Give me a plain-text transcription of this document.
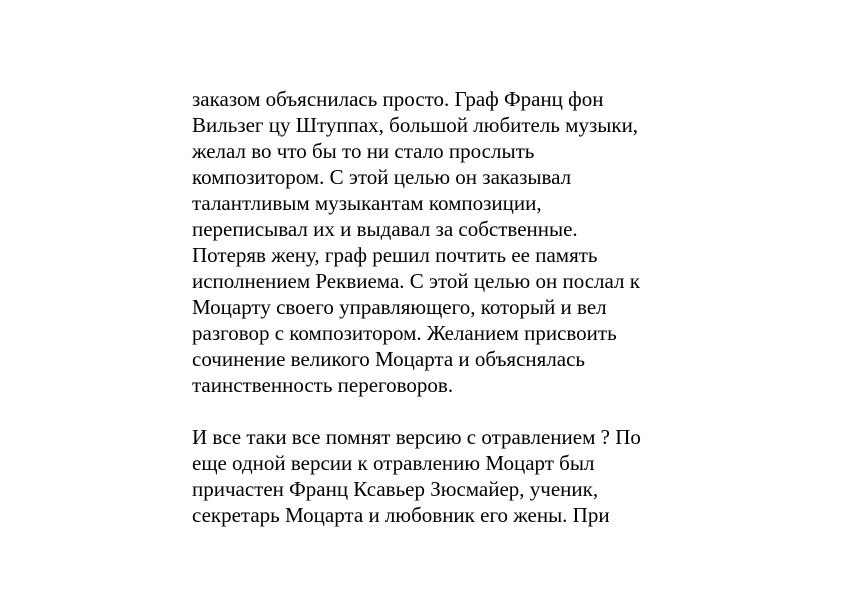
заказом объяснилась просто. Граф Франц фон
Вильзег цу Штуппах, большой любитель музыки,
желал во что бы то ни стало прослыть
композитором. С этой целью он заказывал
талантливым музыкантам композиции,
переписывал их и выдавал за собственные.
Потеряв жену, граф решил почтить ее память
исполнением Реквиема. С этой целью он послал к
Моцарту своего управляющего, который и вел
разговор с композитором. Желанием присвоить
сочинение великого Моцарта и объяснялась
таинственность переговоров.
И все таки все помнят версию с отравлением ? По
еще одной версии к отравлению Моцарт был
причастен Франц Ксавьер Зюсмайер, ученик,
секретарь Моцарта и любовник его жены. При
